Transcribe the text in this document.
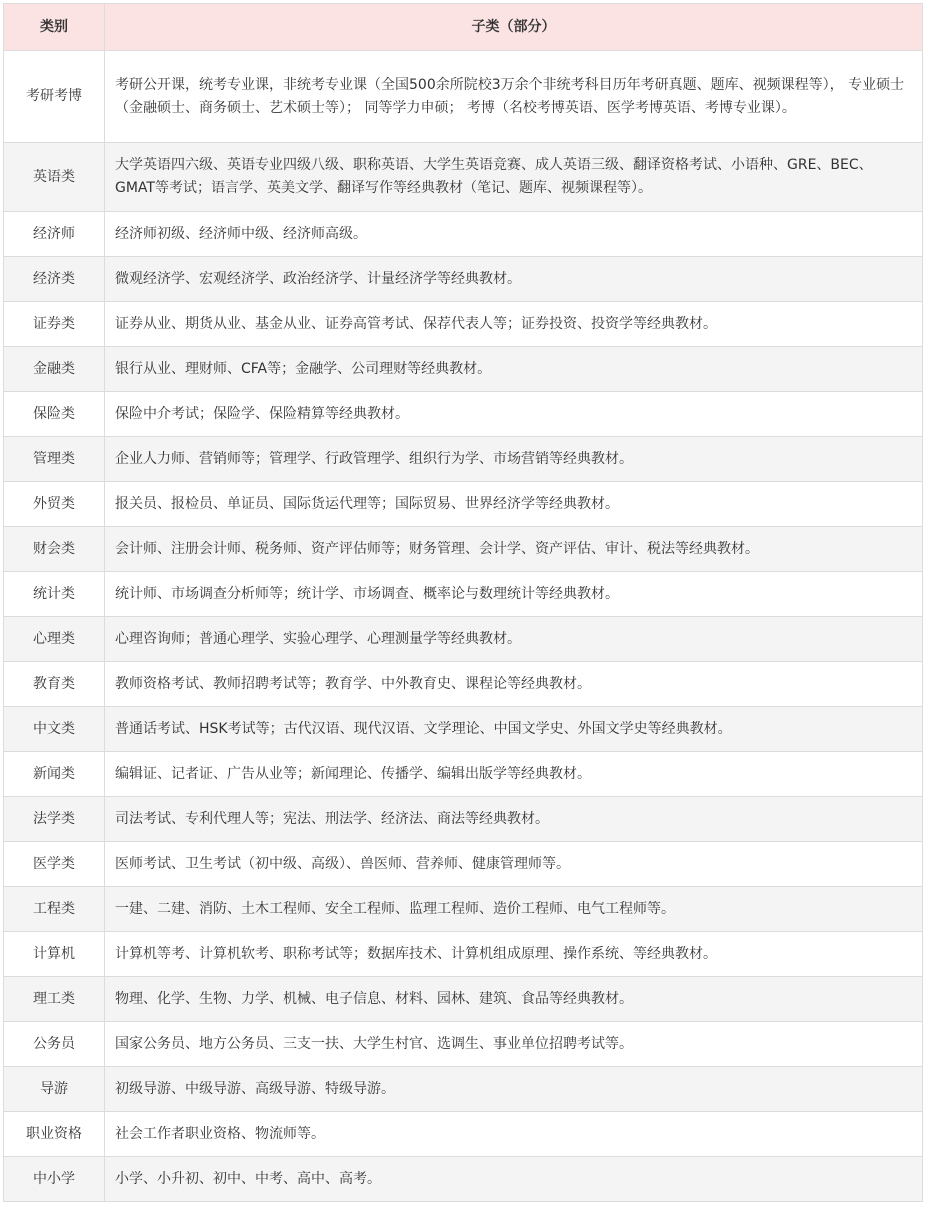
类别	子类（部分）
考研考博	考研公开课，统考专业课，非统考专业课（全国500余所院校3万余个非统考科目历年考研真题、题库、视频课程等）， 专业硕士（金融硕士、商务硕士、艺术硕士等）； 同等学力申硕； 考博（名校考博英语、医学考博英语、考博专业课）。
英语类	大学英语四六级、英语专业四级八级、职称英语、大学生英语竞赛、成人英语三级、翻译资格考试、小语种、GRE、BEC、GMAT等考试；语言学、英美文学、翻译写作等经典教材（笔记、题库、视频课程等）。
经济师	经济师初级、经济师中级、经济师高级。
经济类	微观经济学、宏观经济学、政治经济学、计量经济学等经典教材。
证券类	证券从业、期货从业、基金从业、证券高管考试、保荐代表人等；证券投资、投资学等经典教材。
金融类	银行从业、理财师、CFA等；金融学、公司理财等经典教材。
保险类	保险中介考试；保险学、保险精算等经典教材。
管理类	企业人力师、营销师等；管理学、行政管理学、组织行为学、市场营销等经典教材。
外贸类	报关员、报检员、单证员、国际货运代理等；国际贸易、世界经济学等经典教材。
财会类	会计师、注册会计师、税务师、资产评估师等；财务管理、会计学、资产评估、审计、税法等经典教材。
统计类	统计师、市场调查分析师等；统计学、市场调查、概率论与数理统计等经典教材。
心理类	心理咨询师；普通心理学、实验心理学、心理测量学等经典教材。
教育类	教师资格考试、教师招聘考试等；教育学、中外教育史、课程论等经典教材。
中文类	普通话考试、HSK考试等；古代汉语、现代汉语、文学理论、中国文学史、外国文学史等经典教材。
新闻类	编辑证、记者证、广告从业等；新闻理论、传播学、编辑出版学等经典教材。
法学类	司法考试、专利代理人等；宪法、刑法学、经济法、商法等经典教材。
医学类	医师考试、卫生考试（初中级、高级）、兽医师、营养师、健康管理师等。
工程类	一建、二建、消防、土木工程师、安全工程师、监理工程师、造价工程师、电气工程师等。
计算机	计算机等考、计算机软考、职称考试等；数据库技术、计算机组成原理、操作系统、等经典教材。
理工类	物理、化学、生物、力学、机械、电子信息、材料、园林、建筑、食品等经典教材。
公务员	国家公务员、地方公务员、三支一扶、大学生村官、选调生、事业单位招聘考试等。
导游	初级导游、中级导游、高级导游、特级导游。
职业资格	社会工作者职业资格、物流师等。
中小学	小学、小升初、初中、中考、高中、高考。
